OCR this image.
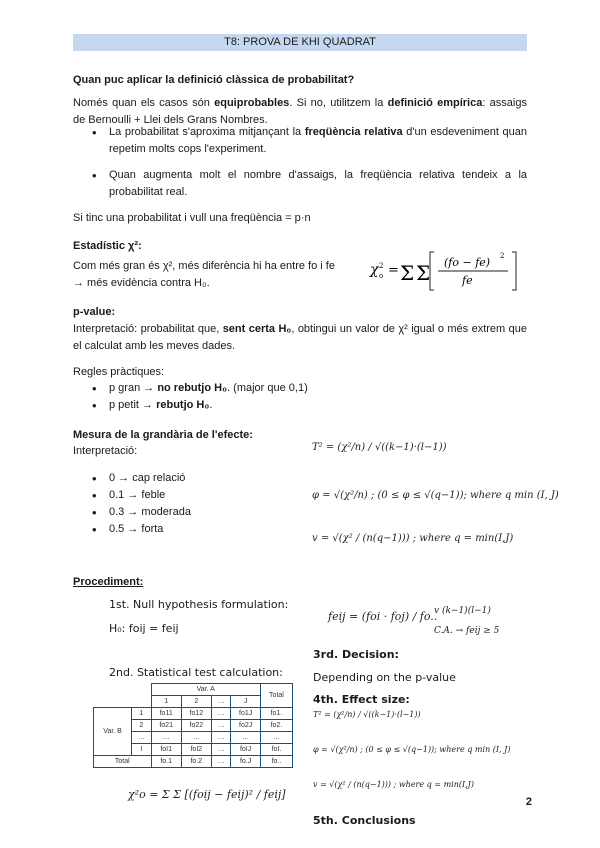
T8: PROVA DE KHI QUADRAT
Quan puc aplicar la definició clàssica de probabilitat?
Només quan els casos són equiprobables. Si no, utilitzem la definició empírica: assaigs de Bernoulli + Llei dels Grans Nombres.
• La probabilitat s'aproxima mitjançant la freqüència relativa d'un esdeveniment quan repetim molts cops l'experiment.
• Quan augmenta molt el nombre d'assaigs, la freqüència relativa tendeix a la probabilitat real.
Si tinc una probabilitat i vull una freqüència = p·n
Estadístic χ²:
Com més gran és χ², més diferència hi ha entre fo i fe
→ més evidència contra H₀.
χ 2
o = Σ Σ (fo − fe) 2
fe
p-value:
Interpretació: probabilitat que, sent certa H₀, obtingui un valor de χ² igual o més extrem que el calculat amb les meves dades.
Regles pràctiques:
• p gran → no rebutjo H₀. (major que 0,1)
• p petit → rebutjo H₀.
Mesura de la grandària de l'efecte:
Interpretació:
• 0 → cap relació
• 0.1 → feble
• 0.3 → moderada
• 0.5 → forta
T² = (χ²/n) / √((k−1)·(l−1))
φ = √(χ²/n) ; (0 ≤ φ ≤ √(q−1)); where q min (I, J)
v = √(χ² / (n(q−1))) ; where q = min(I,J)
Procediment:
1st. Null hypothesis formulation:
H₀: foij = feij
2nd. Statistical test calculation:
		Var. A				Total
		1	2	…	J	
Var. B	1	fo11	fo12	…	fo1J	fo1.
	2	fo21	fo22	…	fo2J	fo2.
	…	…	…	…	…	…
	I	foI1	foI2	…	foIJ	foI.
Total		fo.1	fo.2	…	fo.J	fo..
χ²o = Σ Σ [(foij − feij)² / feij]
feij = (foi · foj) / fo..
v (k−1)(l−1)
C.A. → feij ≥ 5
3rd. Decision:
Depending on the p-value
4th. Effect size:
T² = (χ²/n) / √((k−1)·(l−1))
φ = √(χ²/n) ; (0 ≤ φ ≤ √(q−1)); where q min (I, J)
v = √(χ² / (n(q−1))) ; where q = min(I,J)
5th. Conclusions
2
